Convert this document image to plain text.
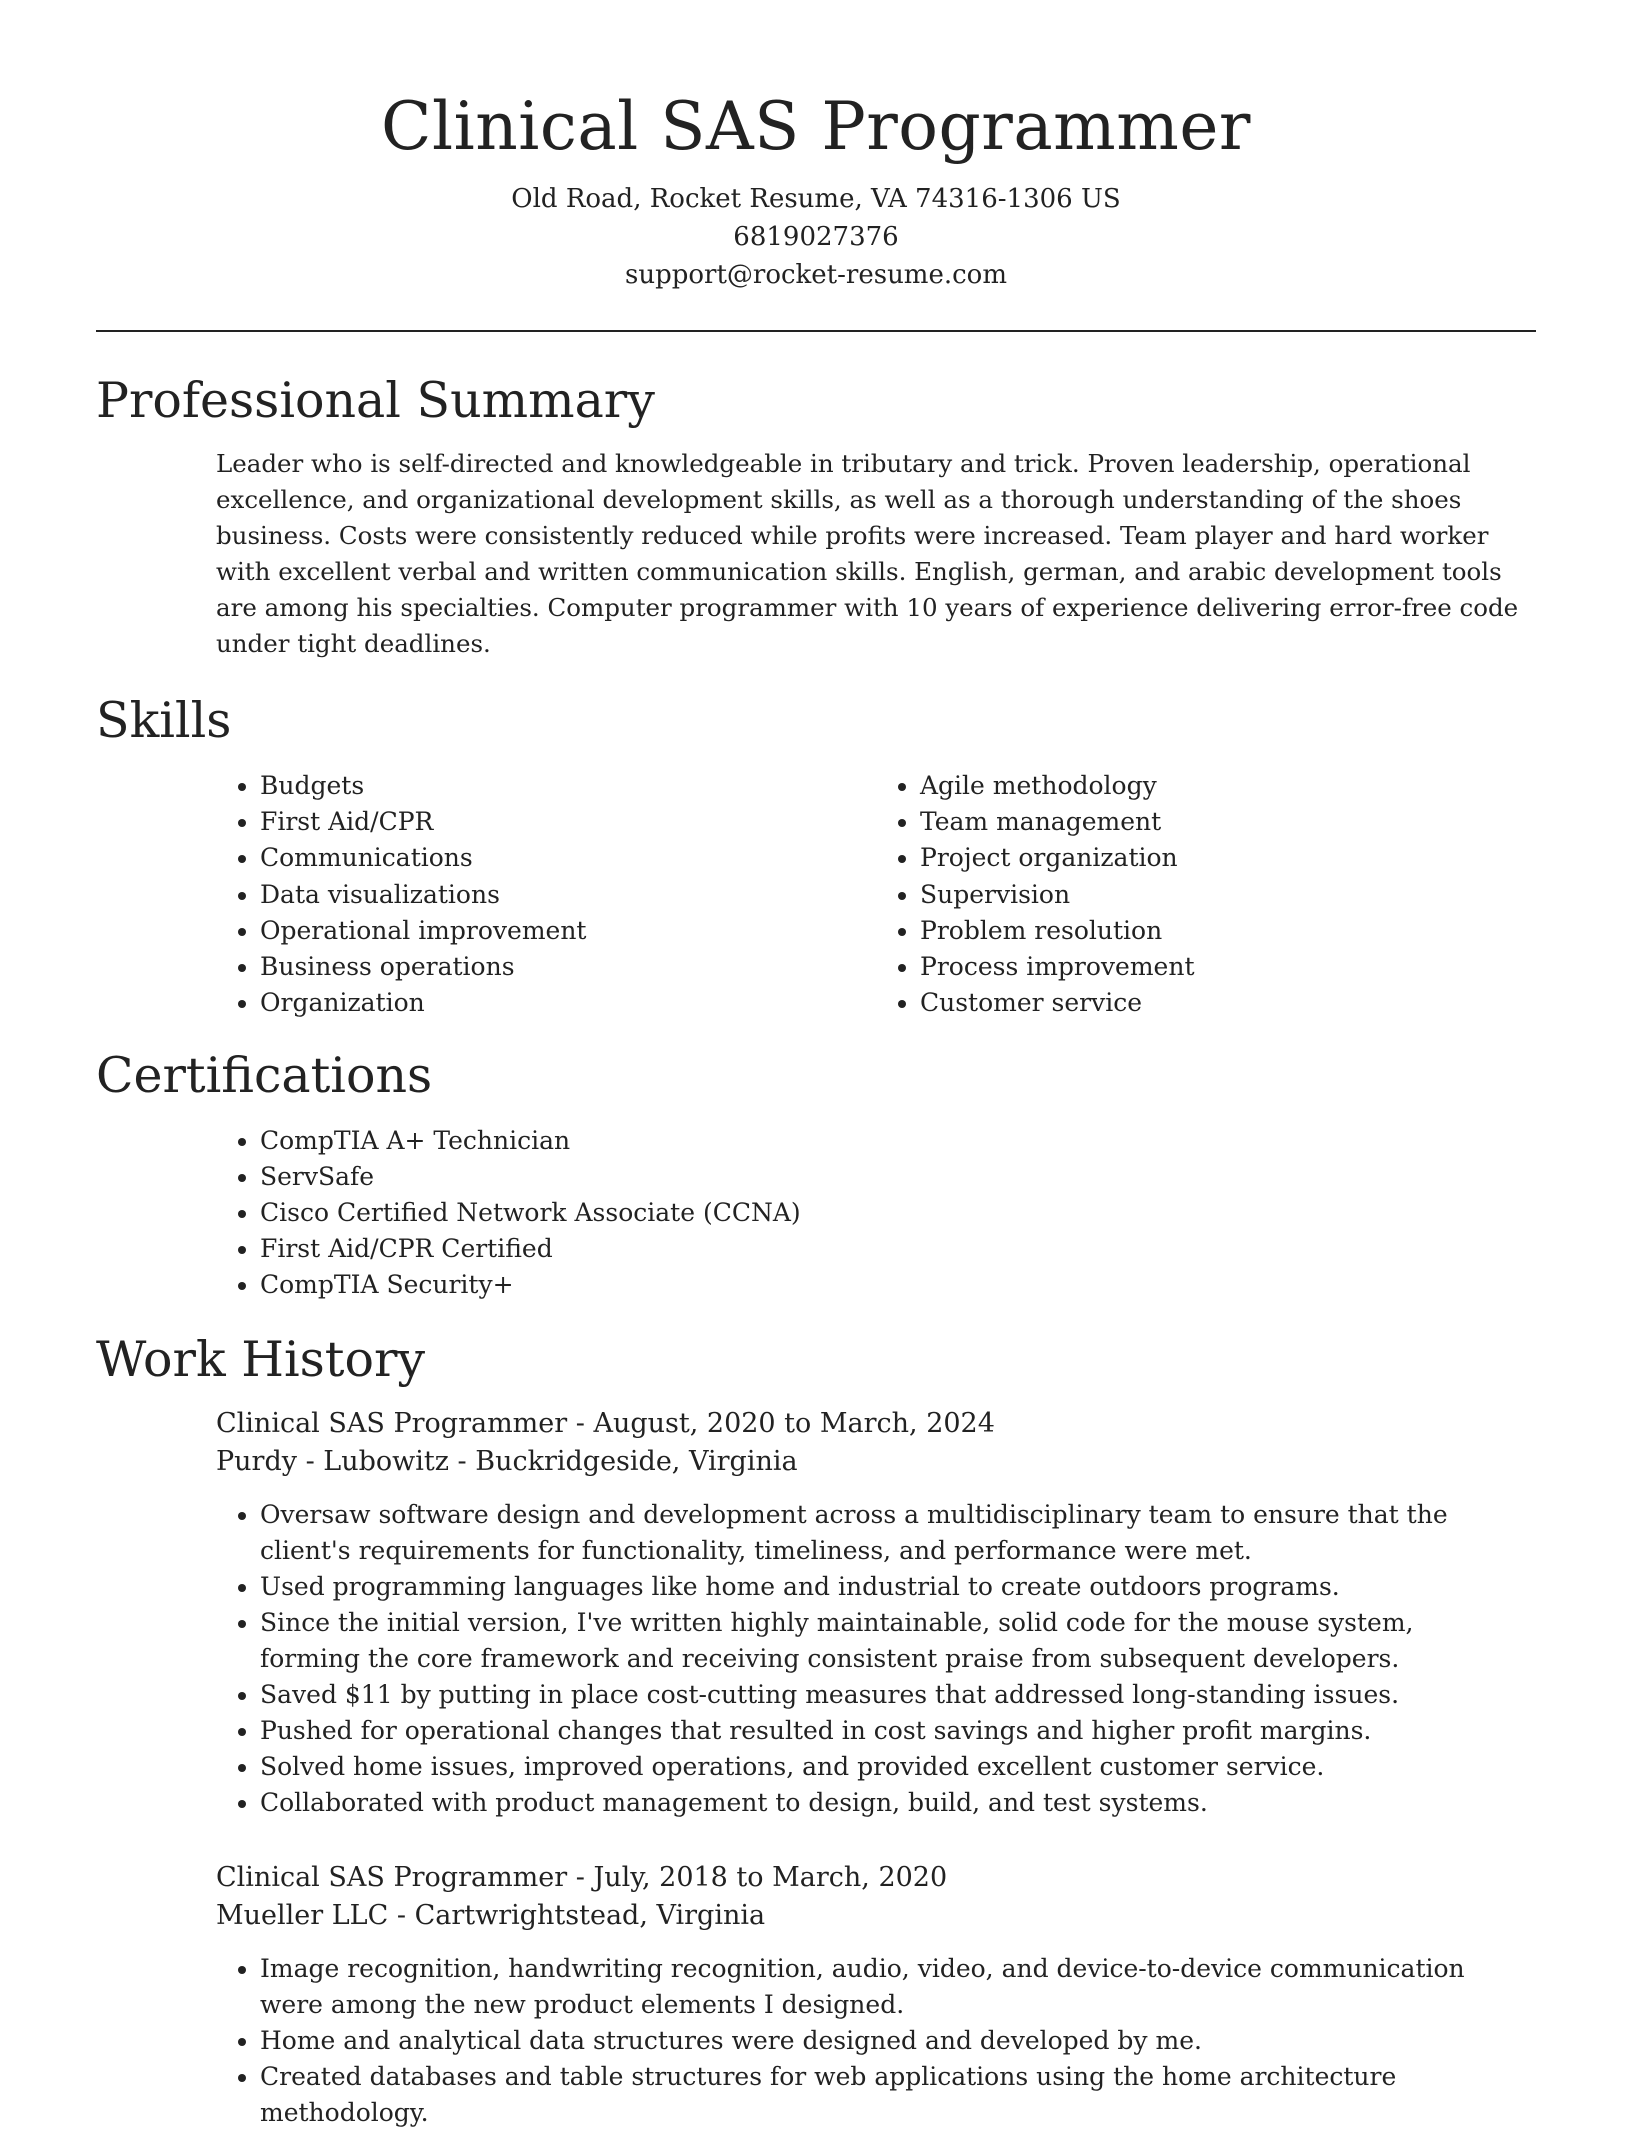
Clinical SAS Programmer

Old Road, Rocket Resume, VA 74316-1306 US

6819027376

support@rocket-resume.com

Professional Summary

Leader who is self-directed and knowledgeable in tributary and trick. Proven leadership, operational excellence, and organizational development skills, as well as a thorough understanding of the shoes business. Costs were consistently reduced while profits were increased. Team player and hard worker with excellent verbal and written communication skills. English, german, and arabic development tools are among his specialties. Computer programmer with 10 years of experience delivering error-free code under tight deadlines.

Skills
• Budgets
• First Aid/CPR
• Communications
• Data visualizations
• Operational improvement
• Business operations
• Organization
• Agile methodology
• Team management
• Project organization
• Supervision
• Problem resolution
• Process improvement
• Customer service
Certifications
• CompTIA A+ Technician
• ServSafe
• Cisco Certified Network Associate (CCNA)
• First Aid/CPR Certified
• CompTIA Security+
Work History

Clinical SAS Programmer - August, 2020 to March, 2024

Purdy - Lubowitz - Buckridgeside, Virginia

• Oversaw software design and development across a multidisciplinary team to ensure that the client's requirements for functionality, timeliness, and performance were met.
• Used programming languages like home and industrial to create outdoors programs.
• Since the initial version, I've written highly maintainable, solid code for the mouse system, forming the core framework and receiving consistent praise from subsequent developers.
• Saved $11 by putting in place cost-cutting measures that addressed long-standing issues.
• Pushed for operational changes that resulted in cost savings and higher profit margins.
• Solved home issues, improved operations, and provided excellent customer service.
• Collaborated with product management to design, build, and test systems.

Clinical SAS Programmer - July, 2018 to March, 2020

Mueller LLC - Cartwrightstead, Virginia

• Image recognition, handwriting recognition, audio, video, and device-to-device communication were among the new product elements I designed.
• Home and analytical data structures were designed and developed by me.
• Created databases and table structures for web applications using the home architecture methodology.
